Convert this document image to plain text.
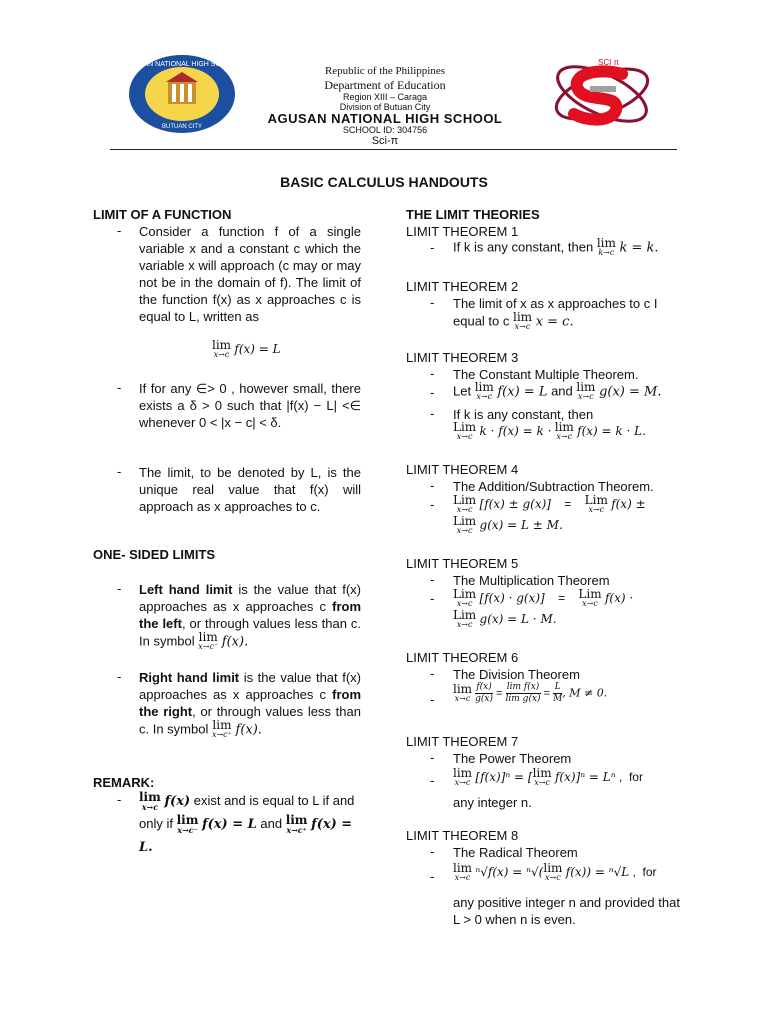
AGUSAN NATIONAL HIGH SCHOOL
BUTUAN CITY
SCI π
Republic of the Philippines
Department of Education
Region XIII – Caraga
Division of Butuan City
AGUSAN NATIONAL HIGH SCHOOL
SCHOOL ID: 304756
Sci-π
BASIC CALCULUS HANDOUTS
LIMIT OF A FUNCTION
- Consider a function f of a single variable x and a constant c which the variable x will approach (c may or may not be in the domain of f). The limit of the function f(x) as x approaches c is equal to L, written as
lim
x→c f(x) = L
- If for any ∈> 0 , however small, there exists a δ > 0 such that |f(x) − L| <∈ whenever 0 < |x − c| < δ.
- The limit, to be denoted by L, is the unique real value that f(x) will approach as x approaches to c.
ONE- SIDED LIMITS
- Left hand limit is the value that f(x) approaches as x approaches c from the left, or through values less than c. In symbol lim
x→c⁻ f(x).
- Right hand limit is the value that f(x) approaches as x approaches c from the right, or through values less than c. In symbol lim
x→c⁺ f(x).
REMARK:
- lim
x→c f(x) exist and is equal to L if and only if lim
x→c⁻ f(x) = L and lim
x→c⁺ f(x) = L.
THE LIMIT THEORIES
LIMIT THEOREM 1
- If k is any constant, then lim
k→c k = k.
LIMIT THEOREM 2
- The limit of x as x approaches to c I equal to c lim
x→c x = c.
LIMIT THEOREM 3
- The Constant Multiple Theorem.
- Let lim
x→c f(x) = L and lim
x→c g(x) = M.
- If k is any constant, then
Lim
x→c k · f(x) = k · lim
x→c f(x) = k · L.
LIMIT THEOREM 4
- The Addition/Subtraction Theorem.
- Lim
x→c [f(x) ± g(x)]    = Lim
x→c f(x) ±

Lim
x→c g(x) = L ± M.
LIMIT THEOREM 5
- The Multiplication Theorem
- Lim
x→c [f(x) · g(x)]    = Lim
x→c f(x) ·

Lim
x→c g(x) = L · M.
LIMIT THEOREM 6
- The Division Theorem
-
lim
x→c
$\frac{f(x)}{g(x)} = \frac{\text{lim f(x)}}{\text{lim g(x)}} = \frac{L}{M}$ , M ≠ 0.
LIMIT THEOREM 7
- The Power Theorem
- lim
x→c [f(x)]ⁿ = [ lim
x→c f(x)]ⁿ = Lⁿ ,  for
any integer n.
LIMIT THEOREM 8
- The Radical Theorem
-
lim
x→c ⁿ√f(x) = ⁿ√( lim
x→c f(x)) = ⁿ√L ,  for
any positive integer n and provided that L > 0 when n is even.
